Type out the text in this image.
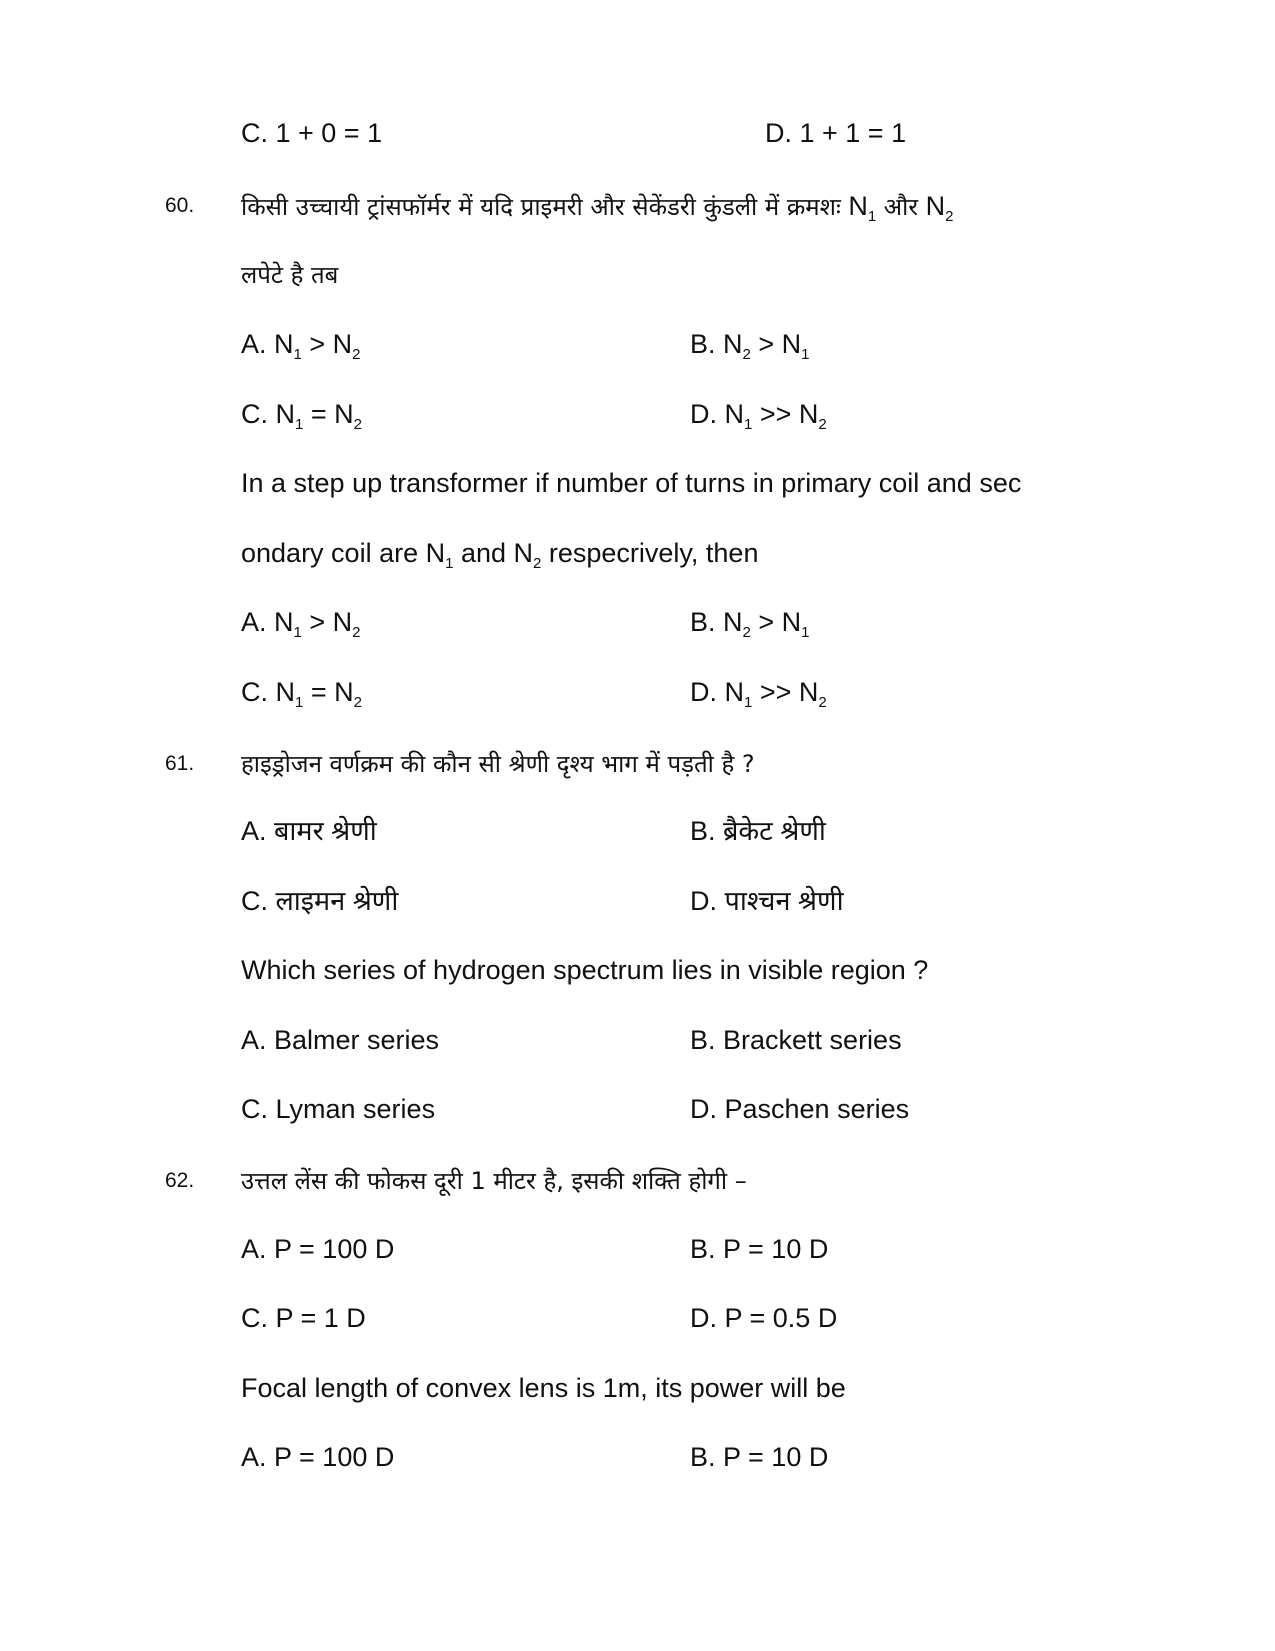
C. 1 + 0 = 1	D. 1 + 1 = 1
60. किसी उच्चायी ट्रांसफॉर्मर में यदि प्राइमरी और सेकेंडरी कुंडली में क्रमशः $N_1$ और $N_2$
लपेटे है तब
A. $N_1 > N_2$	B. $N_2 > N_1$
C. $N_1 = N_2$	D. $N_1 >> N_2$
In a step up transformer if number of turns in primary coil and sec
ondary coil are $N_1$ and $N_2$ respecrively, then
A. $N_1 > N_2$	B. $N_2 > N_1$
C. $N_1 = N_2$	D. $N_1 >> N_2$
61. हाइड्रोजन वर्णक्रम की कौन सी श्रेणी दृश्य भाग में पड़ती है ?
A. बामर श्रेणी	B. ब्रैकेट श्रेणी
C. लाइमन श्रेणी	D. पाश्चन श्रेणी
Which series of hydrogen spectrum lies in visible region ?
A. Balmer series	B. Brackett series
C. Lyman series	D. Paschen series
62. उत्तल लेंस की फोकस दूरी 1 मीटर है, इसकी शक्ति होगी –
A. P = 100 D	B. P = 10 D
C. P = 1 D	D. P = 0.5 D
Focal length of convex lens is 1m, its power will be
A. P = 100 D	B. P = 10 D
